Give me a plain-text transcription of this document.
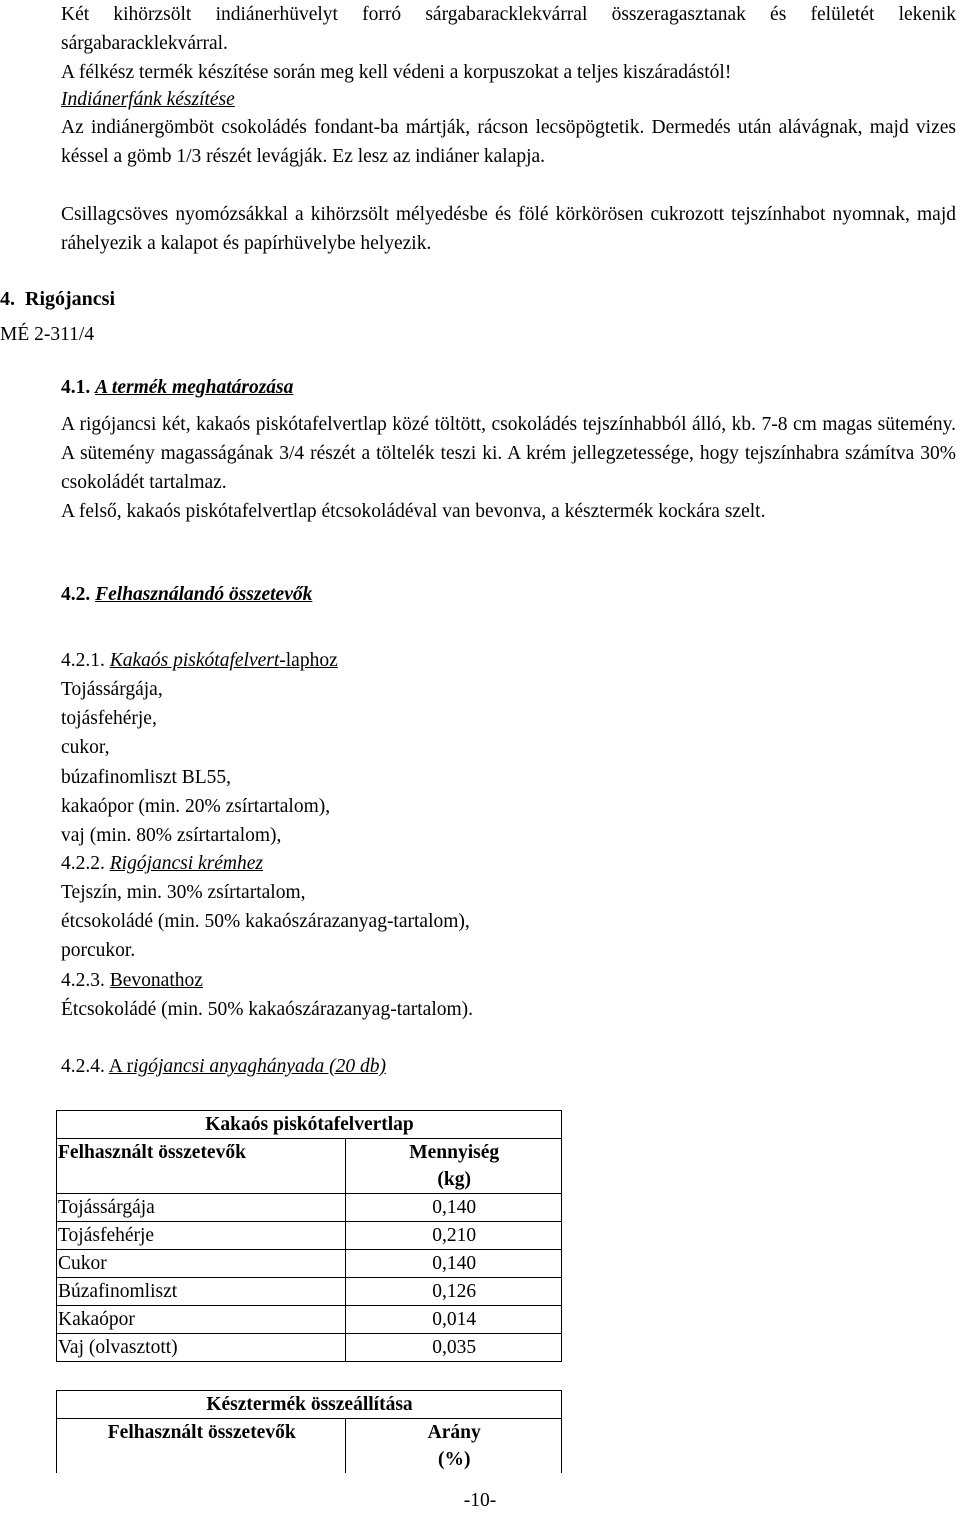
Két kihörzsölt indiánerhüvelyt forró sárgabaracklekvárral összeragasztanak és felületét lekenik sárgabaracklekvárral.

A félkész termék készítése során meg kell védeni a korpuszokat a teljes kiszáradástól!

Indiánerfánk készítése

Az indiánergömböt csokoládés fondant-ba mártják, rácson lecsöpögtetik. Dermedés után alávágnak, majd vizes késsel a gömb 1/3 részét levágják. Ez lesz az indiáner kalapja.

Csillagcsöves nyomózsákkal a kihörzsölt mélyedésbe és fölé körkörösen cukrozott tejszínhabot nyomnak, majd ráhelyezik a kalapot és papírhüvelybe helyezik.

4. Rigójancsi

MÉ 2-311/4

4.1. A termék meghatározása

A rigójancsi két, kakaós piskótafelvertlap közé töltött, csokoládés tejszínhabból álló, kb. 7-8 cm magas sütemény. A sütemény magasságának 3/4 részét a töltelék teszi ki. A krém jellegzetessége, hogy tejszínhabra számítva 30% csokoládét tartalmaz.

A felső, kakaós piskótafelvertlap étcsokoládéval van bevonva, a késztermék kockára szelt.

4.2. Felhasználandó összetevők

4.2.1. Kakaós piskótafelvert-laphoz

Tojássárgája,
tojásfehérje,
cukor,
búzafinomliszt BL55,
kakaópor (min. 20% zsírtartalom),
vaj (min. 80% zsírtartalom),

4.2.2. Rigójancsi krémhez

Tejszín, min. 30% zsírtartalom,
étcsokoládé (min. 50% kakaószárazanyag-tartalom),
porcukor.

4.2.3. Bevonathoz

Étcsokoládé (min. 50% kakaószárazanyag-tartalom).

4.2.4. A rigójancsi anyaghányada (20 db)

Kakaós piskótafelvertlap	
Felhasznált összetevők	Mennyiség
(kg)

Tojássárgája	0,140
Tojásfehérje	0,210
Cukor	0,140
Búzafinomliszt	0,126
Kakaópor	0,014
Vaj (olvasztott)	0,035
Késztermék összeállítása
Felhasznált összetevők	Arány
(%)
-10-
